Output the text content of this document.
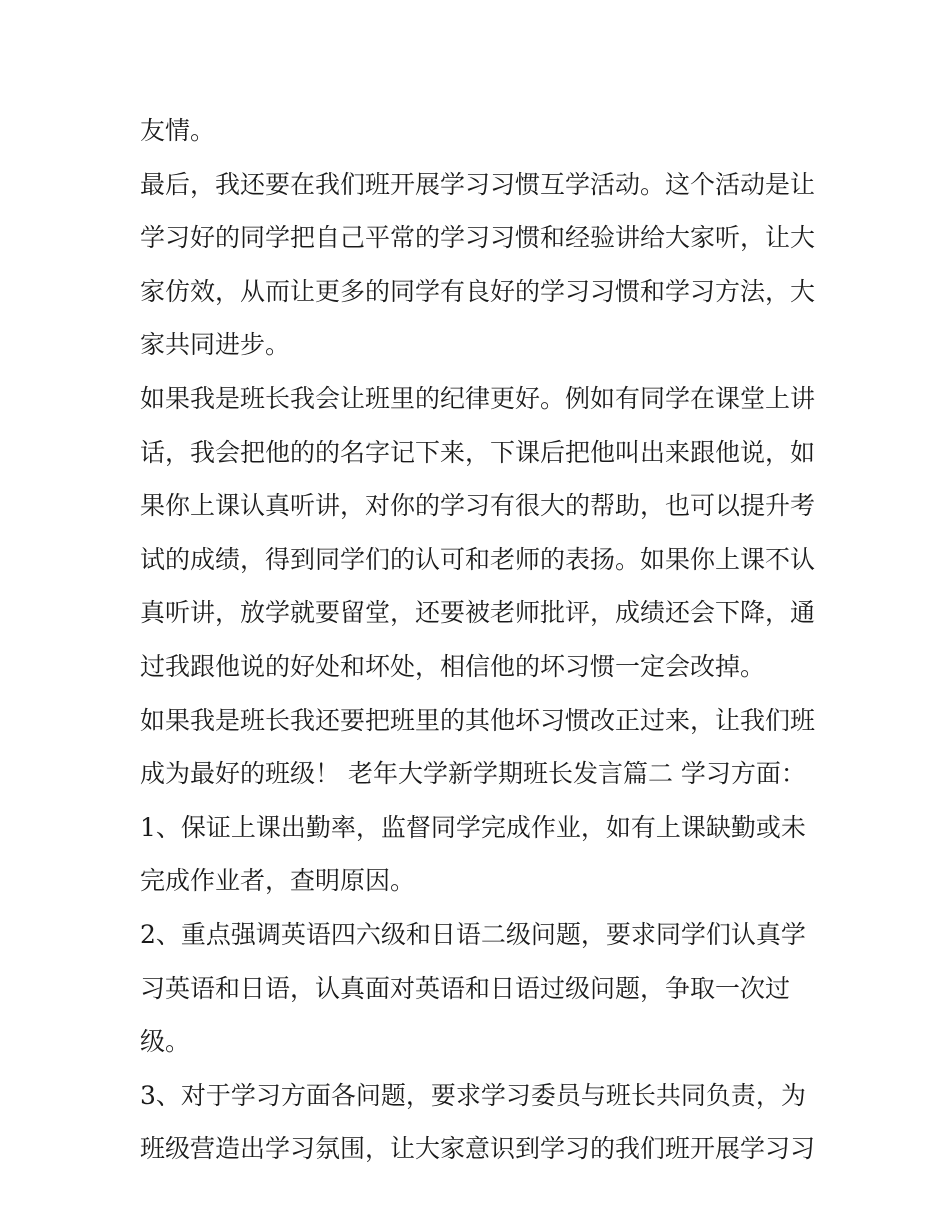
友情。
最后，我还要在我们班开展学习习惯互学活动。这个活动是让
学习好的同学把自己平常的学习习惯和经验讲给大家听，让大
家仿效，从而让更多的同学有良好的学习习惯和学习方法，大
家共同进步。
如果我是班长我会让班里的纪律更好。例如有同学在课堂上讲
话，我会把他的的名字记下来，下课后把他叫出来跟他说，如
果你上课认真听讲，对你的学习有很大的帮助，也可以提升考
试的成绩，得到同学们的认可和老师的表扬。如果你上课不认
真听讲，放学就要留堂，还要被老师批评，成绩还会下降，通
过我跟他说的好处和坏处，相信他的坏习惯一定会改掉。
如果我是班长我还要把班里的其他坏习惯改正过来，让我们班
成为最好的班级！ 老年大学新学期班长发言篇二 学习方面：
1、保证上课出勤率，监督同学完成作业，如有上课缺勤或未
完成作业者，查明原因。
2、重点强调英语四六级和日语二级问题，要求同学们认真学
习英语和日语，认真面对英语和日语过级问题，争取一次过
级。
3、对于学习方面各问题，要求学习委员与班长共同负责，为
班级营造出学习氛围，让大家意识到学习的我们班开展学习习
